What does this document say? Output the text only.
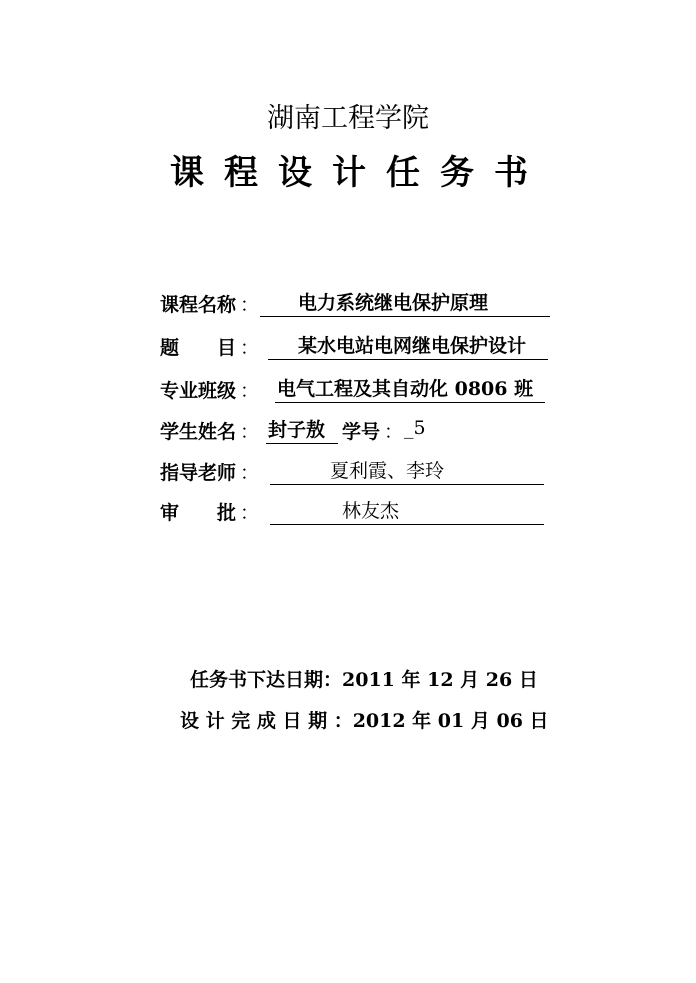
湖南工程学院
课程设计任务书
课程名称 ： 电力系统继电保护原理
题　　目 ： 某水电站电网继电保护设计
专业班级 ： 电气工程及其自动化 0806 班
学生姓名 ： 封子敖 学号 ： _5
指导老师 ：	夏利霞、李玲
审　　批 ：	林友杰
任务书下达日期：2011 年 12 月 26 日
设 计 完 成 日 期 ：2012 年 01 月 06 日
